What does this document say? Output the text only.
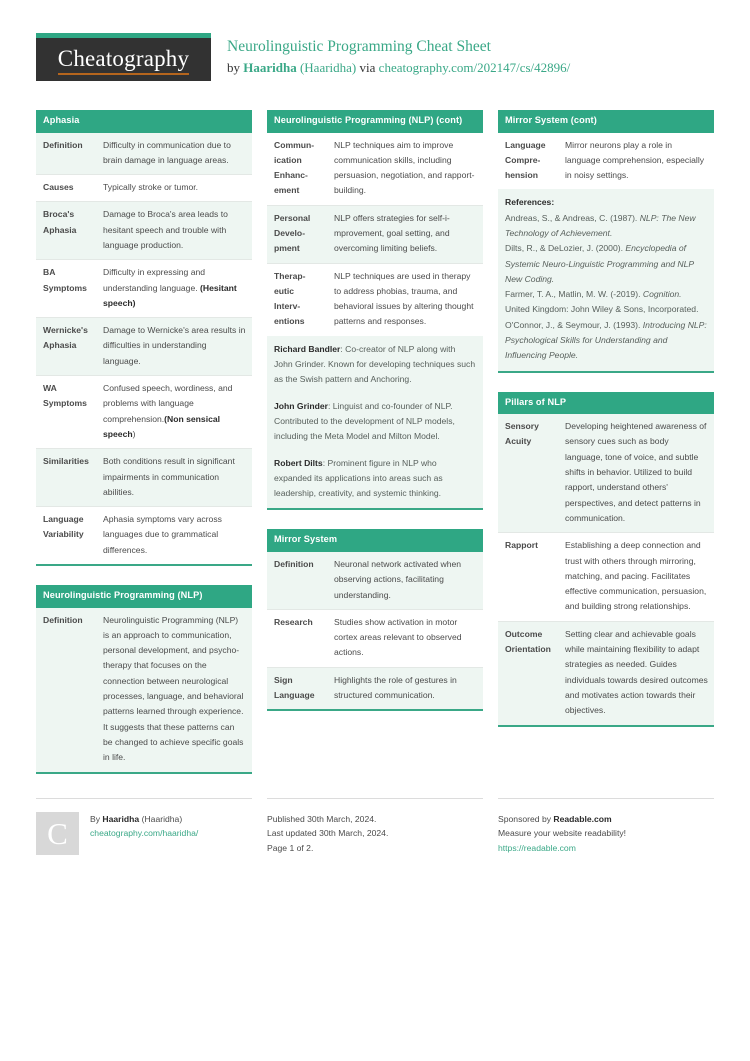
Cheatography Neurolinguistic Programming Cheat Sheet
by Haaridha (Haaridha) via cheatography.com/202147/cs/42896/
Aphasia
Definition	Difficulty in communication due to brain damage in language areas.
Causes	Typically stroke or tumor.
Broca's Aphasia	Damage to Broca's area leads to hesitant speech and trouble with language production.
BA Symptoms	Difficulty in expressing and understanding language. (Hesitant speech)
Wernicke's Aphasia	Damage to Wernicke's area results in difficulties in understanding language.
WA Symptoms	Confused speech, wordiness, and problems with language comprehension.(Non sensical speech)
Similarities	Both conditions result in significant impairments in communication abilities.
Language Variability	Aphasia symptoms vary across languages due to grammatical differences.
Neurolinguistic Programming (NLP)
Definition	Neurolinguistic Programming (NLP) is an approach to communication, personal development, and psychotherapy that focuses on the connection between neurological processes, language, and behavioral patterns learned through experience. It suggests that these patterns can be changed to achieve specific goals in life.
Neurolinguistic Programming (NLP) (cont)
Communication Enhancement	NLP techniques aim to improve communication skills, including persuasion, negotiation, and rapport-building.
Personal Development	NLP offers strategies for self-improvement, goal setting, and overcoming limiting beliefs.
Therapeutic Interventions	NLP techniques are used in therapy to address phobias, trauma, and behavioral issues by altering thought patterns and responses.

Richard Bandler: Co-creator of NLP along with John Grinder. Known for developing techniques such as the Swish pattern and Anchoring.

John Grinder: Linguist and co-founder of NLP. Contributed to the development of NLP models, including the Meta Model and Milton Model.

Robert Dilts: Prominent figure in NLP who expanded its applications into areas such as leadership, creativity, and systemic thinking.

Mirror System
Definition	Neuronal network activated when observing actions, facilitating understanding.
Research	Studies show activation in motor cortex areas relevant to observed actions.
Sign Language	Highlights the role of gestures in structured communication.
Mirror System (cont)
Language Comprehension	Mirror neurons play a role in language comprehension, especially in noisy settings.

References:

Andreas, S., & Andreas, C. (1987). NLP: The New Technology of Achievement.

Dilts, R., & DeLozier, J. (2000). Encyclopedia of Systemic Neuro-Linguistic Programming and NLP New Coding.

Farmer, T. A., Matlin, M. W. (-2019). Cognition. United Kingdom: John Wiley & Sons, Incorporated.

O'Connor, J., & Seymour, J. (1993). Introducing NLP: Psychological Skills for Understanding and Influencing People.

Pillars of NLP
Sensory Acuity	Developing heightened awareness of sensory cues such as body language, tone of voice, and subtle shifts in behavior. Utilized to build rapport, understand others' perspectives, and detect patterns in communication.
Rapport	Establishing a deep connection and trust with others through mirroring, matching, and pacing. Facilitates effective communication, persuasion, and building strong relationships.
Outcome Orientation	Setting clear and achievable goals while maintaining flexibility to adapt strategies as needed. Guides individuals towards desired outcomes and motivates action towards their objectives.
C	By Haaridha (Haaridha)
cheatography.com/haaridha/
Published 30th March, 2024.
Last updated 30th March, 2024.
Page 1 of 2.
Sponsored by Readable.com
Measure your website readability!
https://readable.com
